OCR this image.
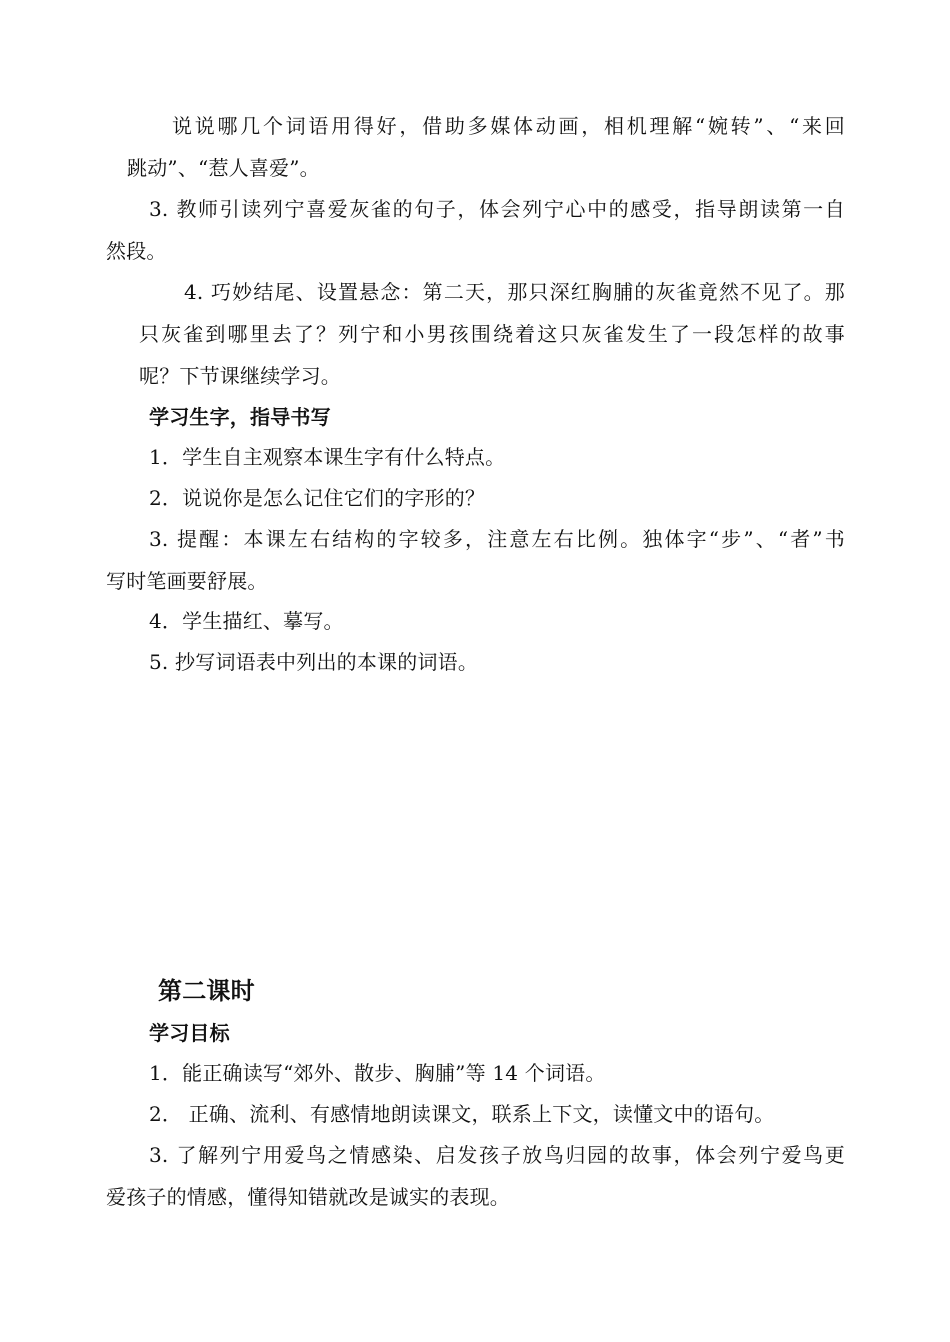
说说哪几个词语用得好，借助多媒体动画，相机理解“婉转”、“来回
跳动”、“惹人喜爱”。
3. 教师引读列宁喜爱灰雀的句子，体会列宁心中的感受，指导朗读第一自
然段。
4. 巧妙结尾、设置悬念：第二天，那只深红胸脯的灰雀竟然不见了。那
只灰雀到哪里去了？列宁和小男孩围绕着这只灰雀发生了一段怎样的故事
呢？下节课继续学习。
学习生字，指导书写
1．学生自主观察本课生字有什么特点。
2．说说你是怎么记住它们的字形的？
3. 提醒：本课左右结构的字较多，注意左右比例。独体字“步”、“者”书
写时笔画要舒展。
4．学生描红、摹写。
5. 抄写词语表中列出的本课的词语。
第二课时
学习目标
1．能正确读写“郊外、散步、胸脯”等 14 个词语。
2． 正确、流利、有感情地朗读课文，联系上下文，读懂文中的语句。
3. 了解列宁用爱鸟之情感染、启发孩子放鸟归园的故事，体会列宁爱鸟更
爱孩子的情感，懂得知错就改是诚实的表现。
